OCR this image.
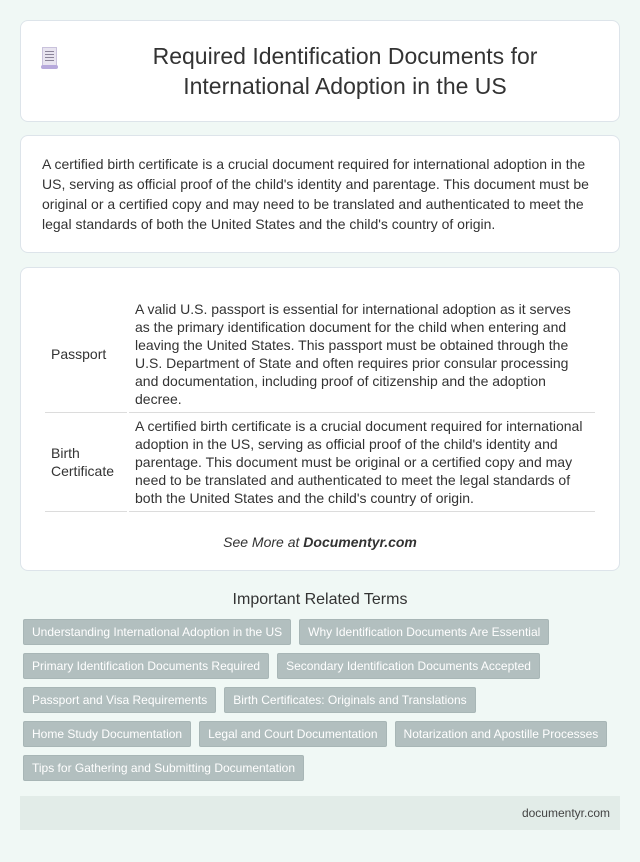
Required Identification Documents for International Adoption in the US

A certified birth certificate is a crucial document required for international adoption in the US, serving as official proof of the child's identity and parentage. This document must be original or a certified copy and may need to be translated and authenticated to meet the legal standards of both the United States and the child's country of origin.

Passport	A valid U.S. passport is essential for international adoption as it serves as the primary identification document for the child when entering and leaving the United States. This passport must be obtained through the U.S. Department of State and often requires prior consular processing and documentation, including proof of citizenship and the adoption decree.
Birth Certificate	A certified birth certificate is a crucial document required for international adoption in the US, serving as official proof of the child's identity and parentage. This document must be original or a certified copy and may need to be translated and authenticated to meet the legal standards of both the United States and the child's country of origin.
See More at Documentyr.com
Important Related Terms
Understanding International Adoption in the US	Why Identification Documents Are Essential
Primary Identification Documents Required	Secondary Identification Documents Accepted
Passport and Visa Requirements	Birth Certificates: Originals and Translations
Home Study Documentation	Legal and Court Documentation	Notarization and Apostille Processes
Tips for Gathering and Submitting Documentation
documentyr.com
